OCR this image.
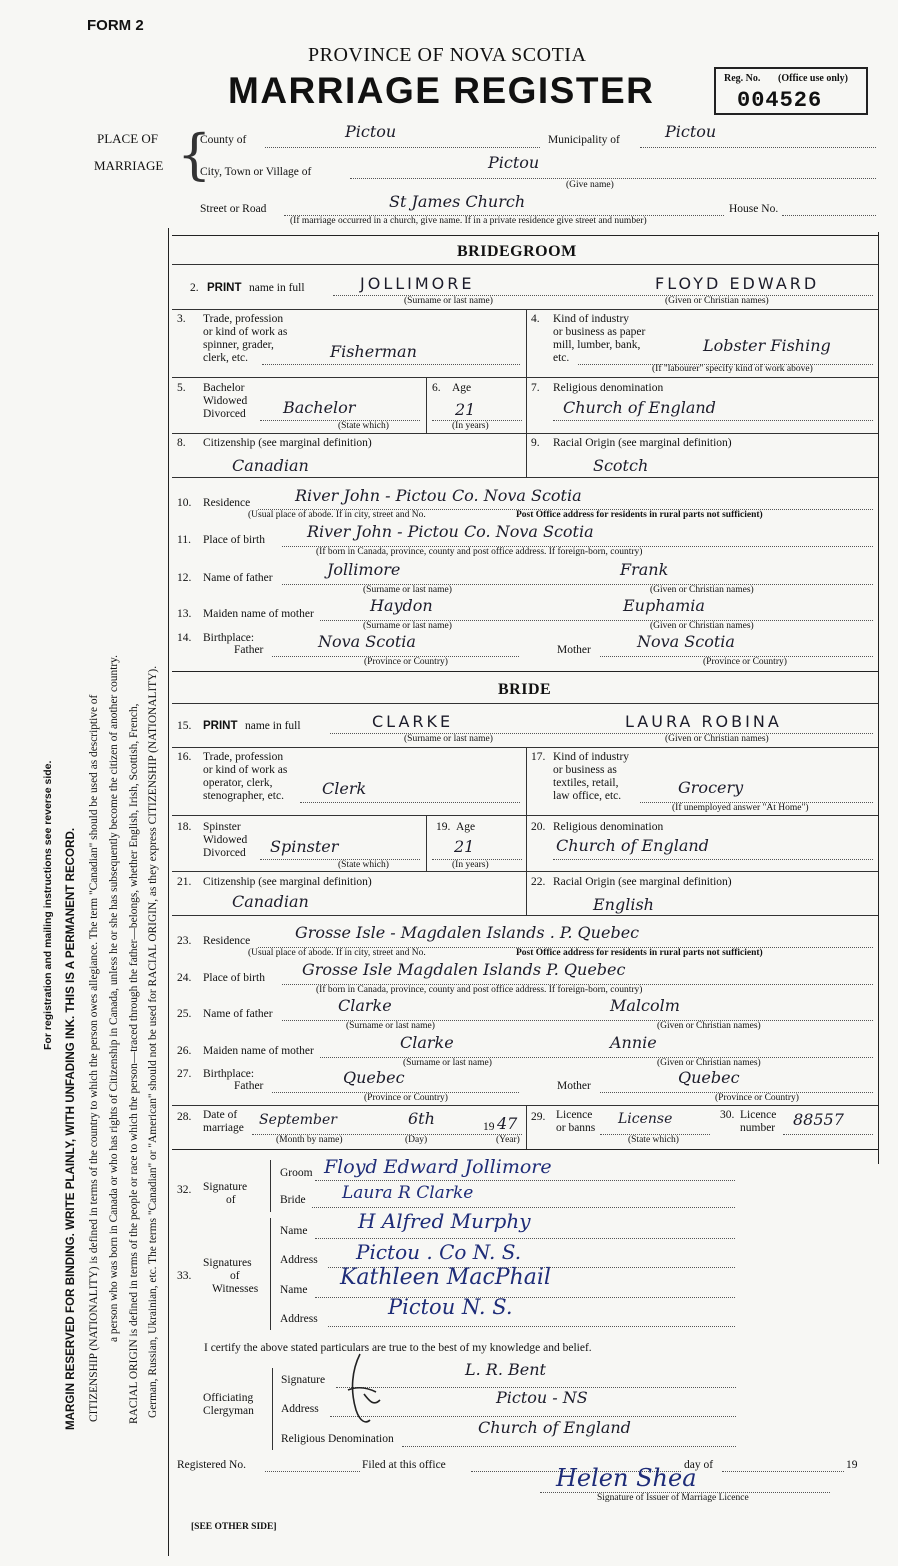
FORM 2
PROVINCE OF NOVA SCOTIA
MARRIAGE REGISTER	Reg. No. (Office use only)
004526
PLACE OF
MARRIAGE {
County of	Pictou	Municipality of	Pictou
City, Town or Village of	Pictou
(Give name)
Street or Road	St James Church	House No.
(If marriage occurred in a church, give name. If in a private residence give street and number)
BRIDEGROOM
2. PRINT name in full	JOLLIMORE	FLOYD EDWARD
(Surname or last name)	(Given or Christian names)
3. Trade, profession
or kind of work as
spinner, grader,
clerk, etc.	Fisherman
4. Kind of industry
or business as paper
mill, lumber, bank,
etc.
Lobster Fishing
(If "labourer" specify kind of work above)
5. Bachelor
Widowed
Divorced Bachelor
(State which)
6. Age
21
(In years)
7. Religious denomination
Church of England
8. Citizenship (see marginal definition)
Canadian
9. Racial Origin (see marginal definition)
Scotch
10. Residence	River John - Pictou Co. Nova Scotia
(Usual place of abode. If in city, street and No.	Post Office address for residents in rural parts not sufficient)
11. Place of birth	River John - Pictou Co. Nova Scotia
(If born in Canada, province, county and post office address. If foreign-born, country)
12. Name of father	Jollimore	Frank
(Surname or last name)	(Given or Christian names)
13. Maiden name of mother	Haydon	Euphamia
(Surname or last name)	(Given or Christian names)
14. Birthplace:
Father	Nova Scotia	Mother	Nova Scotia
(Province or Country)	(Province or Country)
BRIDE
15. PRINT name in full	CLARKE	LAURA ROBINA
(Surname or last name)	(Given or Christian names)
16. Trade, profession
or kind of work as
operator, clerk,
stenographer, etc. Clerk
17. Kind of industry
or business as
textiles, retail,
law office, etc.	Grocery
(If unemployed answer "At Home")
18. Spinster
Widowed
Divorced Spinster
(State which)
19. Age
21
(In years)
20. Religious denomination
Church of England
21. Citizenship (see marginal definition)
Canadian
22. Racial Origin (see marginal definition)
English
23. Residence	Grosse Isle - Magdalen Islands . P. Quebec
(Usual place of abode. If in city, street and No.	Post Office address for residents in rural parts not sufficient)
24. Place of birth Grosse Isle Magdalen Islands P. Quebec
(If born in Canada, province, county and post office address. If foreign-born, country)
25. Name of father	Clarke	Malcolm
(Surname or last name)	(Given or Christian names)
26. Maiden name of mother	Clarke	Annie
(Surname or last name)	(Given or Christian names)
27. Birthplace:
Father	Quebec	Mother	Quebec
(Province or Country)	(Province or Country)
28. Date of
marriage September	6th	19 47
(Month by name)	(Day)	(Year)
29. Licence
or banns
License
(State which)
30. Licence
number 88557
32. Signature
of
Groom Floyd Edward Jollimore
Bride Laura R Clarke
33.
Signatures
of
Witnesses
Name	H Alfred Murphy
Address Pictou . Co N. S.
Name Kathleen MacPhail
Address	Pictou N. S.
I certify the above stated particulars are true to the best of my knowledge and belief.
Officiating
Clergyman
Signature
L. R. Bent
Address
Pictou - NS
Religious Denomination
Church of England
Registered No.	Filed at this office	day of	19
Helen Shea
Signature of Issuer of Marriage Licence
[SEE OTHER SIDE]
For registration and mailing instructions see reverse side. MARGIN RESERVED FOR BINDING. WRITE PLAINLY, WITH UNFADING INK. THIS IS A PERMANENT RECORD. CITIZENSHIP (NATIONALITY) is defined in terms of the country to which the person owes allegiance. The term "Canadian" should be used as descriptive of a person who was born in Canada or who has rights of Citizenship in Canada, unless he or she has subsequently become the citizen of another country. RACIAL ORIGIN is defined in terms of the people or race to which the person—traced through the father—belongs, whether English, Irish, Scottish, French, German, Russian, Ukrainian, etc. The terms "Canadian" or "American" should not be used for RACIAL ORIGIN, as they express CITIZENSHIP (NATIONALITY).
